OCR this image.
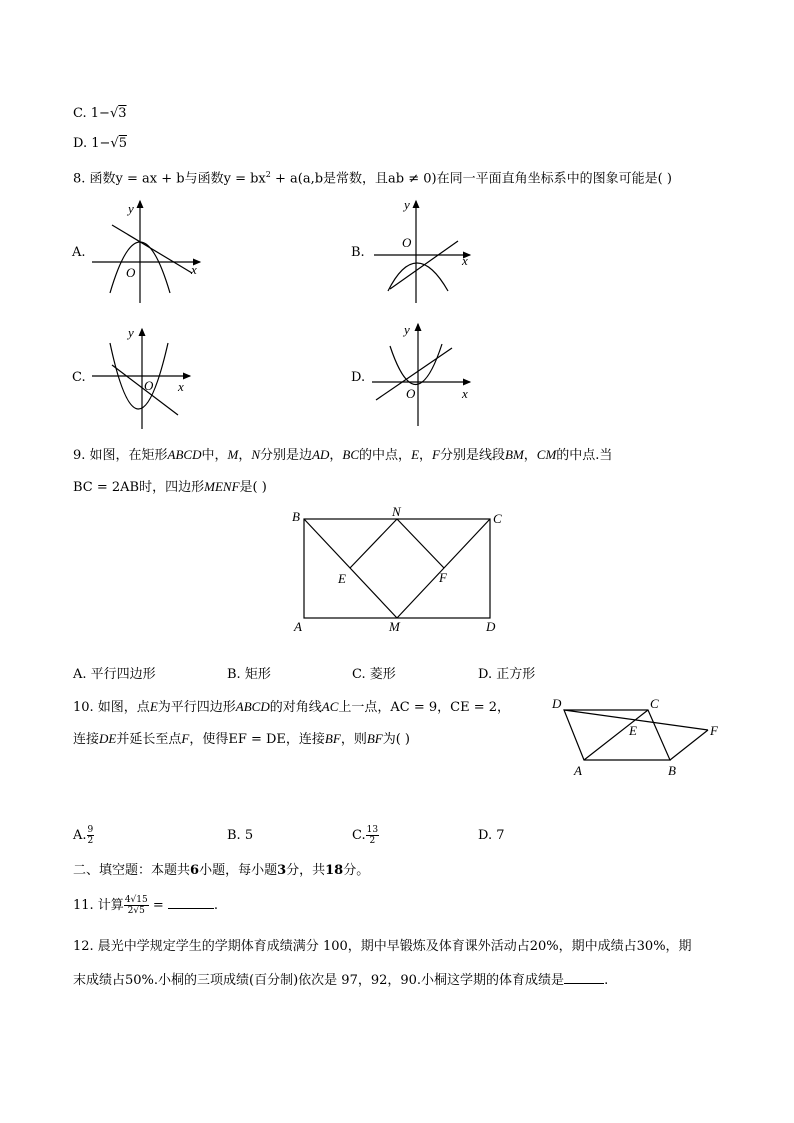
C. 1−√3
D. 1−√5
8. 函数y = ax + b与函数$y = bx^2 + a(a,b$是常数，且ab ≠ 0)在同一平面直角坐标系中的图象可能是( )
A.	B.
C.	D.
O	x
y
O
x
y
O x
y
O	x
y
9. 如图，在矩形ABCD中，M，N分别是边AD，BC的中点，E，F分别是线段BM，CM的中点.当
BC = 2AB时，四边形MENF是( )
B	N	C
E	F
A	M	D
A. 平行四边形	B. 矩形	C. 菱形	D. 正方形
10. 如图，点E为平行四边形ABCD的对角线AC上一点，AC = 9，CE = 2，
连接DE并延长至点F，使得EF = DE，连接BF，则BF为( )
D	C
E	F
A	B
A. $\frac{9}{2}$	B. 5	C. $\frac{13}{2}$	D. 7
二、填空题：本题共6小题，每小题3分，共18分。
11. 计算 $\frac{4√15}{2√5}$ =	.
12. 晨光中学规定学生的学期体育成绩满分 100，期中早锻炼及体育课外活动占20%，期中成绩占30%，期
末成绩占50%.小桐的三项成绩(百分制)依次是 97，92，90.小桐这学期的体育成绩是	.
